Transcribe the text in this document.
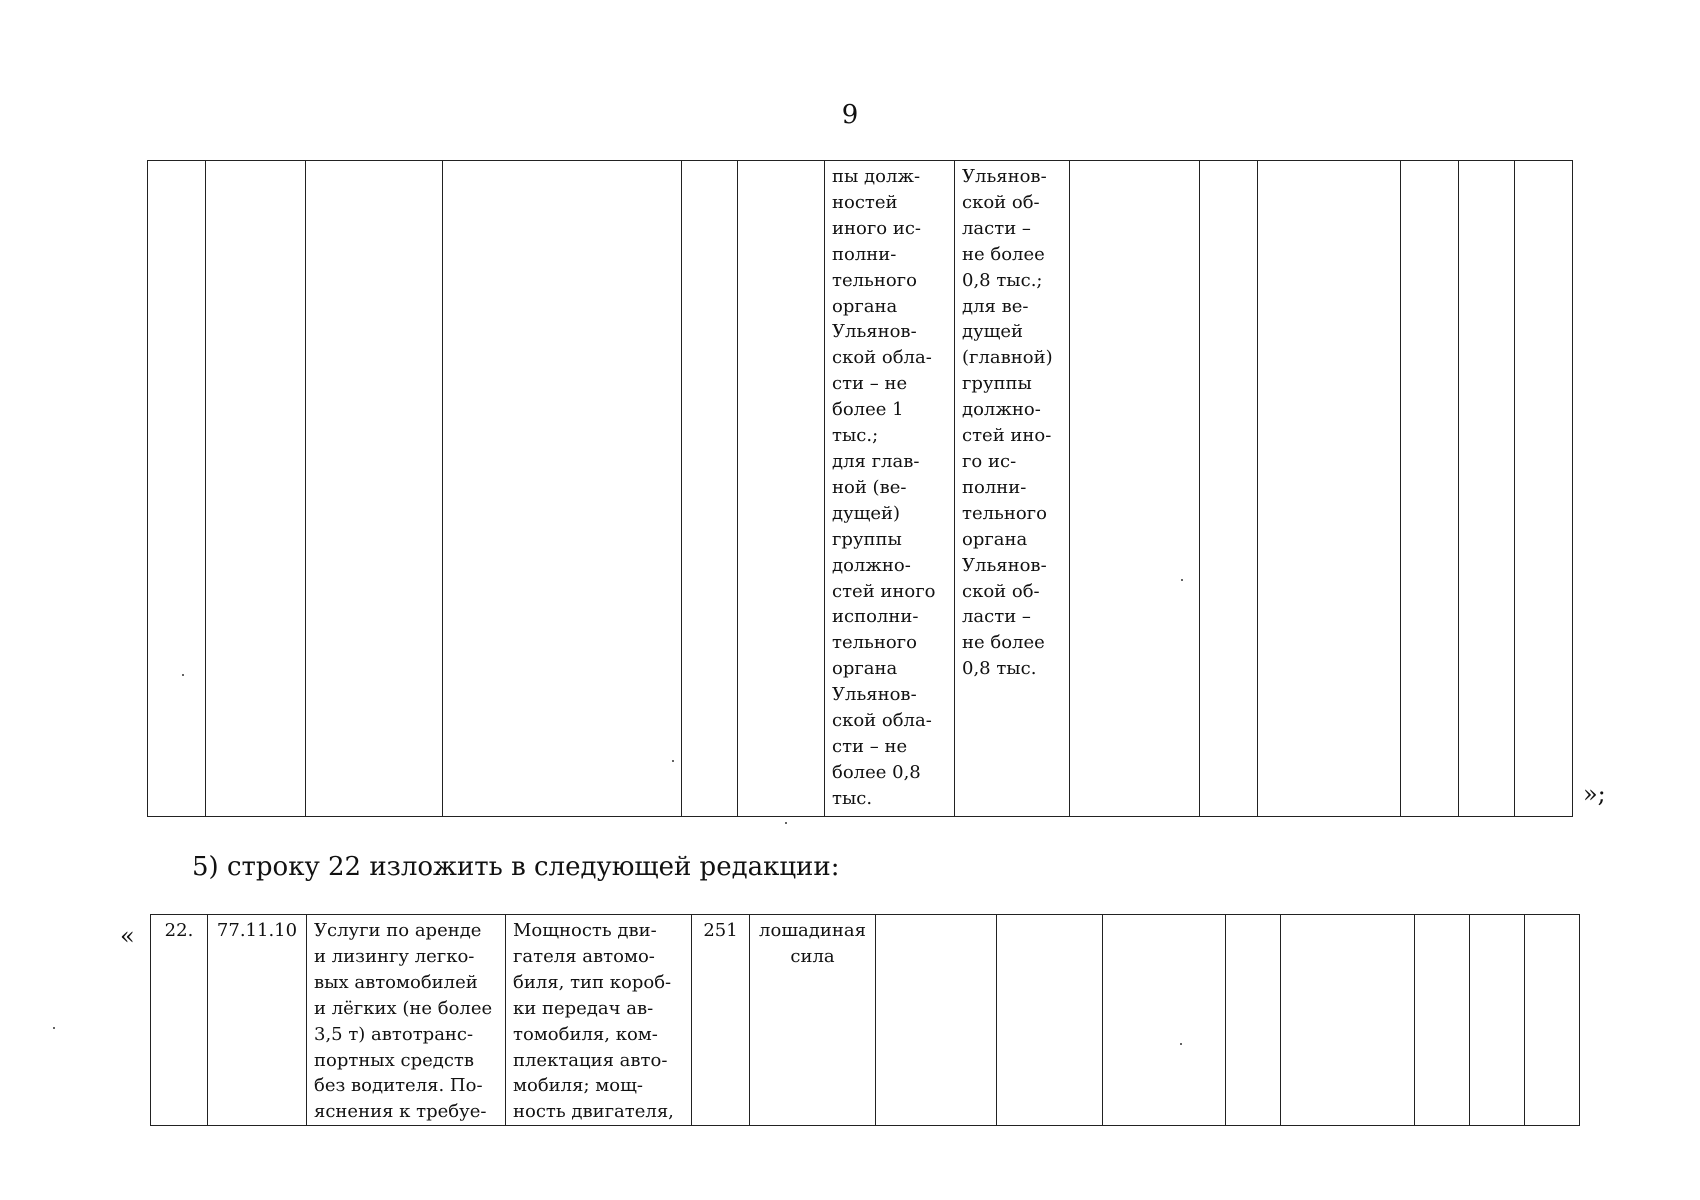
9
						пы долж-
ностей
иного ис-
полни-
тельного
органа
Ульянов-
ской обла-
сти – не
более 1
тыс.;
для глав-
ной (ве-
дущей)
группы
должно-
стей иного
исполни-
тельного
органа
Ульянов-
ской обла-
сти – не
более 0,8
тыс.	Ульянов-
ской об-
ласти –
не более
0,8 тыс.;
для ве-
дущей
(главной)
группы
должно-
стей ино-
го ис-
полни-
тельного
органа
Ульянов-
ской об-
ласти –
не более
0,8 тыс.						
»;
5) строку 22 изложить в следующей редакции:
« 22.	77.11.10	Услуги по аренде
и лизингу легко-
вых автомобилей
и лёгких (не более
3,5 т) автотранс-
портных средств
без водителя. По-
яснения к требуе-	Мощность дви-
гателя автомо-
биля, тип короб-
ки передач ав-
томобиля, ком-
плектация авто-
мобиля; мощ-
ность двигателя,	251	лошадиная
сила								
